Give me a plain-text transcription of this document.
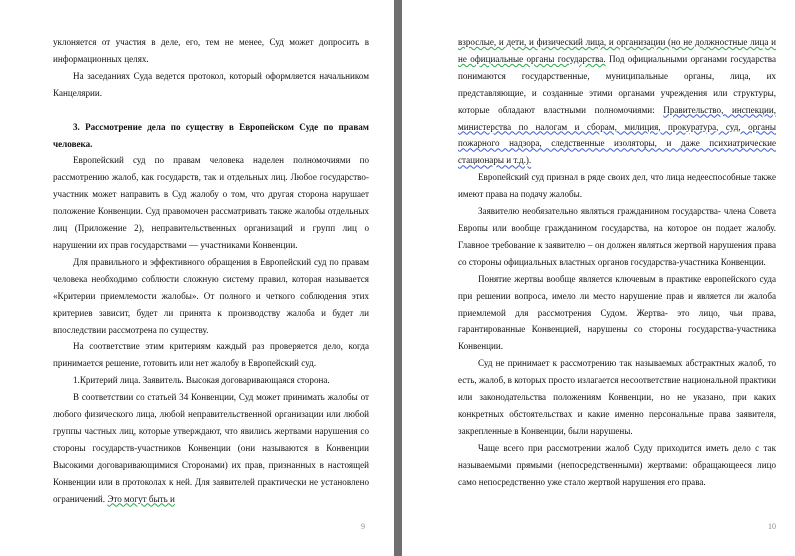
уклоняется от участия в деле, его, тем не менее, Суд может допросить в информационных целях.

На заседаниях Суда ведется протокол, который оформляется начальником Канцелярии.

3. Рассмотрение дела по существу в Европейском Суде по правам человека.

Европейский суд по правам человека наделен полномочиями по рассмотрению жалоб, как государств, так и отдельных лиц. Любое государство-участник может направить в Суд жалобу о том, что другая сторона нарушает положение Конвенции. Суд правомочен рассматривать также жалобы отдельных лиц (Приложение 2), неправительственных организаций и групп лиц о нарушении их прав государствами — участниками Конвенции.

Для правильного и эффективного обращения в Европейский суд по правам человека необходимо соблюсти сложную систему правил, которая называется «Критерии приемлемости жалобы». От полного и четкого соблюдения этих критериев зависит, будет ли принята к производству жалоба и будет ли впоследствии рассмотрена по существу.

На соответствие этим критериям каждый раз проверяется дело, когда принимается решение, готовить или нет жалобу в Европейский суд.

1.Критерий лица. Заявитель. Высокая договаривающаяся сторона.

В соответствии со статьей 34 Конвенции, Суд может принимать жалобы от любого физического лица, любой неправительственной организации или любой группы частных лиц, которые утверждают, что явились жертвами нарушения со стороны государств-участников Конвенции (они называются в Конвенции Высокими договаривающимися Сторонами) их прав, признанных в настоящей Конвенции или в протоколах к ней. Для заявителей практически не установлено ограничений. Это могут быть и

9

взрослые, и дети, и физический лица, и организации (но не должностные лица и не официальные органы государства. Под официальными органами государства понимаются государственные, муниципальные органы, лица, их представляющие, и созданные этими органами учреждения или структуры, которые обладают властными полномочиями: Правительство, инспекции, министерства по налогам и сборам, милиция, прокуратура, суд, органы пожарного надзора, следственные изоляторы, и даже психиатрические стационары и т.д.).

Европейский суд признал в ряде своих дел, что лица недееспособные также имеют права на подачу жалобы.

Заявителю необязательно являться гражданином государства- члена Совета Европы или вообще гражданином государства, на которое он подает жалобу. Главное требование к заявителю – он должен являться жертвой нарушения права со стороны официальных властных органов государства-участника Конвенции.

Понятие жертвы вообще является ключевым в практике европейского суда при решении вопроса, имело ли место нарушение прав и является ли жалоба приемлемой для рассмотрения Судом. Жертва- это лицо, чьи права, гарантированные Конвенцией, нарушены со стороны государства-участника Конвенции.

Суд не принимает к рассмотрению так называемых абстрактных жалоб, то есть, жалоб, в которых просто излагается несоответствие национальной практики или законодательства положениям Конвенции, но не указано, при каких конкретных обстоятельствах и какие именно персональные права заявителя, закрепленные в Конвенции, были нарушены.

Чаще всего при рассмотрении жалоб Суду приходится иметь дело с так называемыми прямыми (непосредственными) жертвами: обращающееся лицо само непосредственно уже стало жертвой нарушения его права.

10
